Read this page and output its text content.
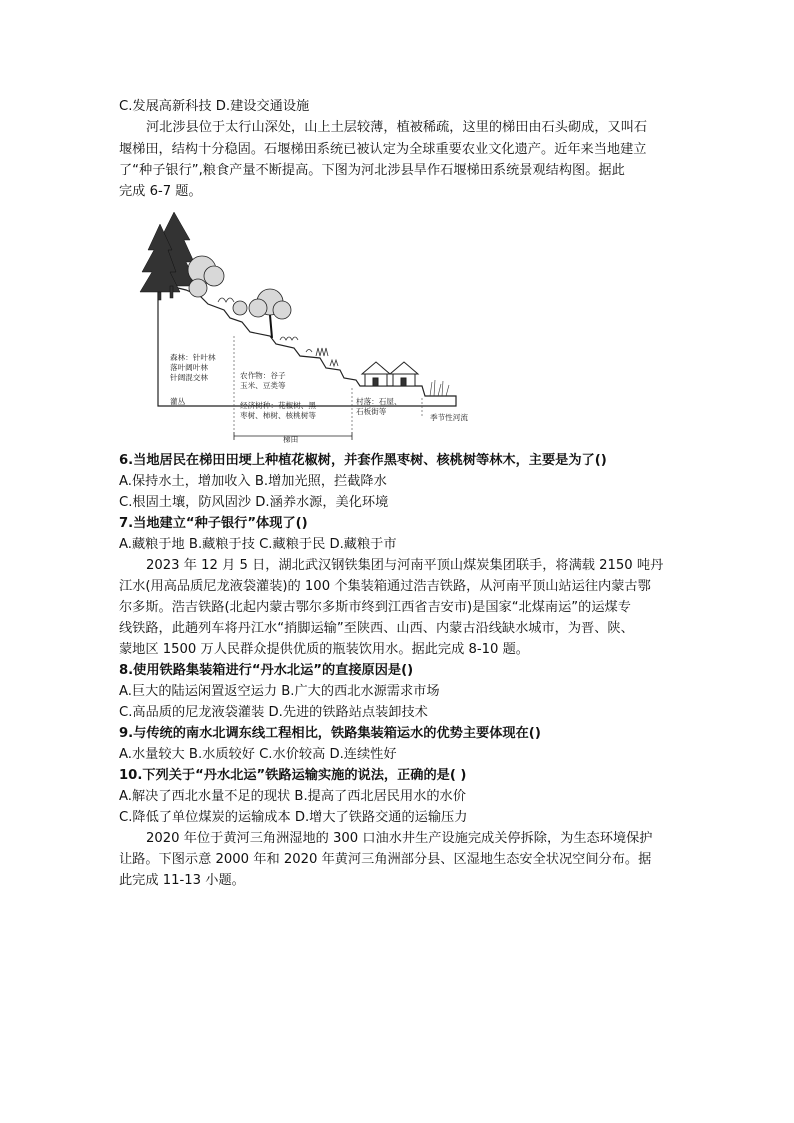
C.发展高新科技 D.建设交通设施
河北涉县位于太行山深处，山上土层较薄，植被稀疏，这里的梯田由石头砌成，又叫石
堰梯田，结构十分稳固。石堰梯田系统已被认定为全球重要农业文化遗产。近年来当地建立
了“种子银行”,粮食产量不断提高。下图为河北涉县旱作石堰梯田系统景观结构图。据此
完成 6-7 题。
森林：针叶林
落叶阔叶林
针阔混交林
灌丛
农作物：谷子
玉米、豆类等
经济树种：花椒树、黑
枣树、柿树、核桃树等
村落：石屋、
石板街等
季节性河流
梯田
6.当地居民在梯田田埂上种植花椒树，并套作黑枣树、核桃树等林木，主要是为了()
A.保持水土，增加收入 B.增加光照，拦截降水
C.根固土壤，防风固沙 D.涵养水源，美化环境
7.当地建立“种子银行”体现了()
A.藏粮于地 B.藏粮于技 C.藏粮于民 D.藏粮于市
2023 年 12 月 5 日，湖北武汉钢铁集团与河南平顶山煤炭集团联手，将满载 2150 吨丹
江水(用高品质尼龙液袋灌装)的 100 个集装箱通过浩吉铁路，从河南平顶山站运往内蒙古鄂
尔多斯。浩吉铁路(北起内蒙古鄂尔多斯市终到江西省吉安市)是国家“北煤南运”的运煤专
线铁路，此趟列车将丹江水“捎脚运输”至陕西、山西、内蒙古沿线缺水城市，为晋、陕、
蒙地区 1500 万人民群众提供优质的瓶装饮用水。据此完成 8-10 题。
8.使用铁路集装箱进行“丹水北运”的直接原因是()
A.巨大的陆运闲置返空运力 B.广大的西北水源需求市场
C.高品质的尼龙液袋灌装 D.先进的铁路站点装卸技术
9.与传统的南水北调东线工程相比，铁路集装箱运水的优势主要体现在()
A.水量较大 B.水质较好 C.水价较高 D.连续性好
10.下列关于“丹水北运”铁路运输实施的说法，正确的是( )
A.解决了西北水量不足的现状 B.提高了西北居民用水的水价
C.降低了单位煤炭的运输成本 D.增大了铁路交通的运输压力
2020 年位于黄河三角洲湿地的 300 口油水井生产设施完成关停拆除，为生态环境保护
让路。下图示意 2000 年和 2020 年黄河三角洲部分县、区湿地生态安全状况空间分布。据
此完成 11-13 小题。
